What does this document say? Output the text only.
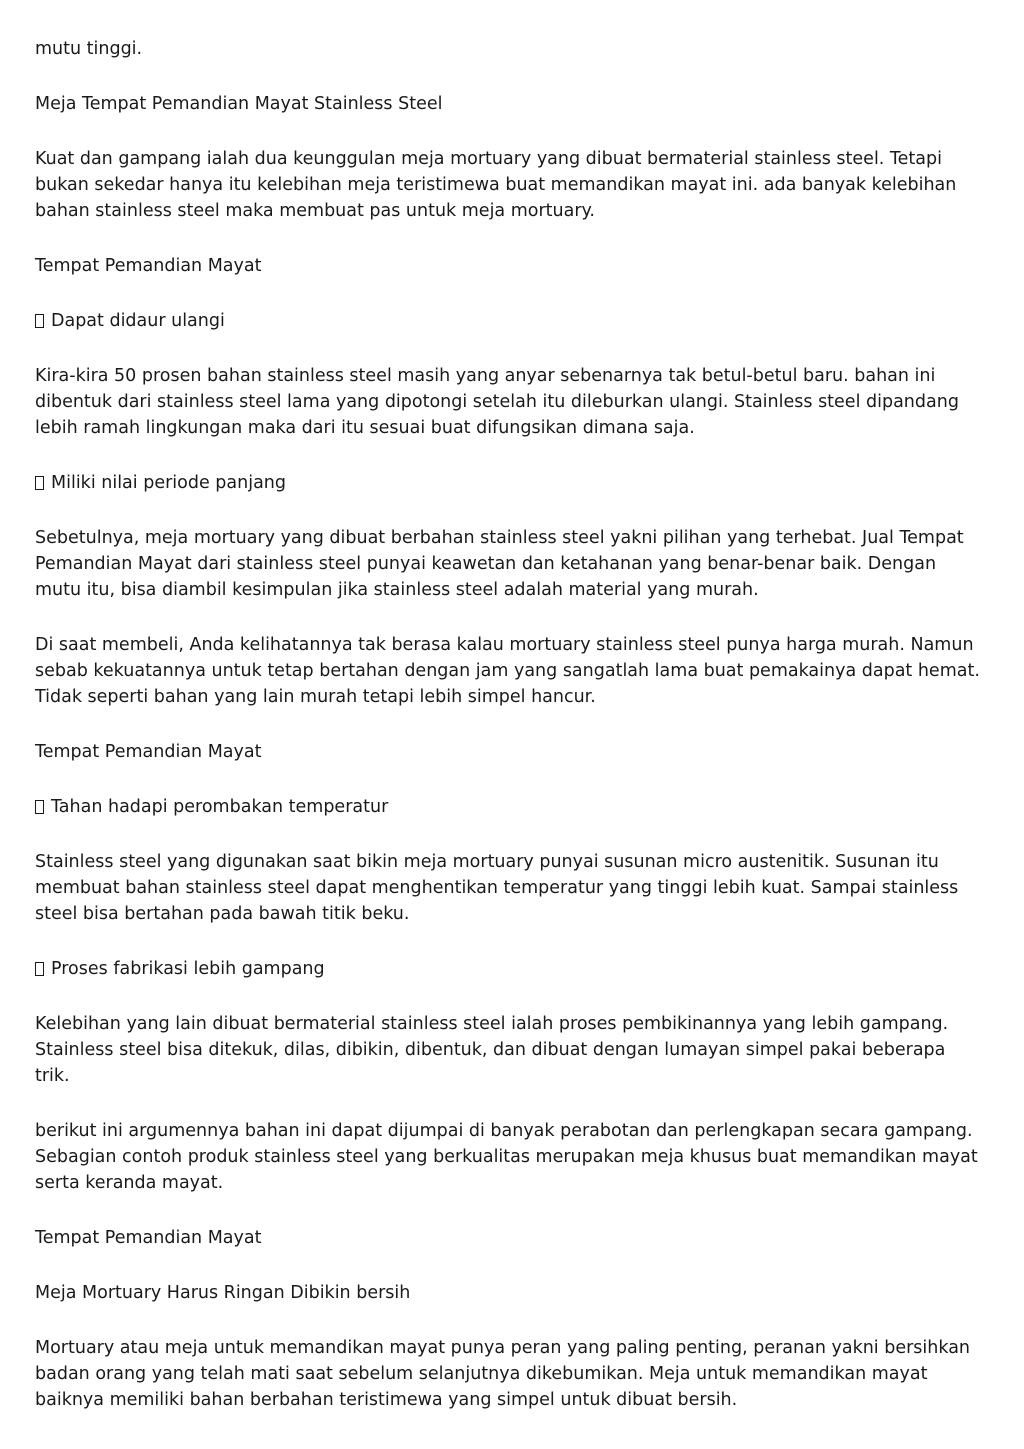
mutu tinggi.

Meja Tempat Pemandian Mayat Stainless Steel

Kuat dan gampang ialah dua keunggulan meja mortuary yang dibuat bermaterial stainless steel. Tetapi bukan sekedar hanya itu kelebihan meja teristimewa buat memandikan mayat ini. ada banyak kelebihan bahan stainless steel maka membuat pas untuk meja mortuary.

Tempat Pemandian Mayat

Dapat didaur ulangi

Kira-kira 50 prosen bahan stainless steel masih yang anyar sebenarnya tak betul-betul baru. bahan ini dibentuk dari stainless steel lama yang dipotongi setelah itu dileburkan ulangi. Stainless steel dipandang lebih ramah lingkungan maka dari itu sesuai buat difungsikan dimana saja.

Miliki nilai periode panjang

Sebetulnya, meja mortuary yang dibuat berbahan stainless steel yakni pilihan yang terhebat. Jual Tempat Pemandian Mayat dari stainless steel punyai keawetan dan ketahanan yang benar-benar baik. Dengan mutu itu, bisa diambil kesimpulan jika stainless steel adalah material yang murah.

Di saat membeli, Anda kelihatannya tak berasa kalau mortuary stainless steel punya harga murah. Namun sebab kekuatannya untuk tetap bertahan dengan jam yang sangatlah lama buat pemakainya dapat hemat. Tidak seperti bahan yang lain murah tetapi lebih simpel hancur.

Tempat Pemandian Mayat

Tahan hadapi perombakan temperatur

Stainless steel yang digunakan saat bikin meja mortuary punyai susunan micro austenitik. Susunan itu membuat bahan stainless steel dapat menghentikan temperatur yang tinggi lebih kuat. Sampai stainless steel bisa bertahan pada bawah titik beku.

Proses fabrikasi lebih gampang

Kelebihan yang lain dibuat bermaterial stainless steel ialah proses pembikinannya yang lebih gampang. Stainless steel bisa ditekuk, dilas, dibikin, dibentuk, dan dibuat dengan lumayan simpel pakai beberapa trik.

berikut ini argumennya bahan ini dapat dijumpai di banyak perabotan dan perlengkapan secara gampang. Sebagian contoh produk stainless steel yang berkualitas merupakan meja khusus buat memandikan mayat serta keranda mayat.

Tempat Pemandian Mayat

Meja Mortuary Harus Ringan Dibikin bersih

Mortuary atau meja untuk memandikan mayat punya peran yang paling penting, peranan yakni bersihkan badan orang yang telah mati saat sebelum selanjutnya dikebumikan. Meja untuk memandikan mayat baiknya memiliki bahan berbahan teristimewa yang simpel untuk dibuat bersih.
